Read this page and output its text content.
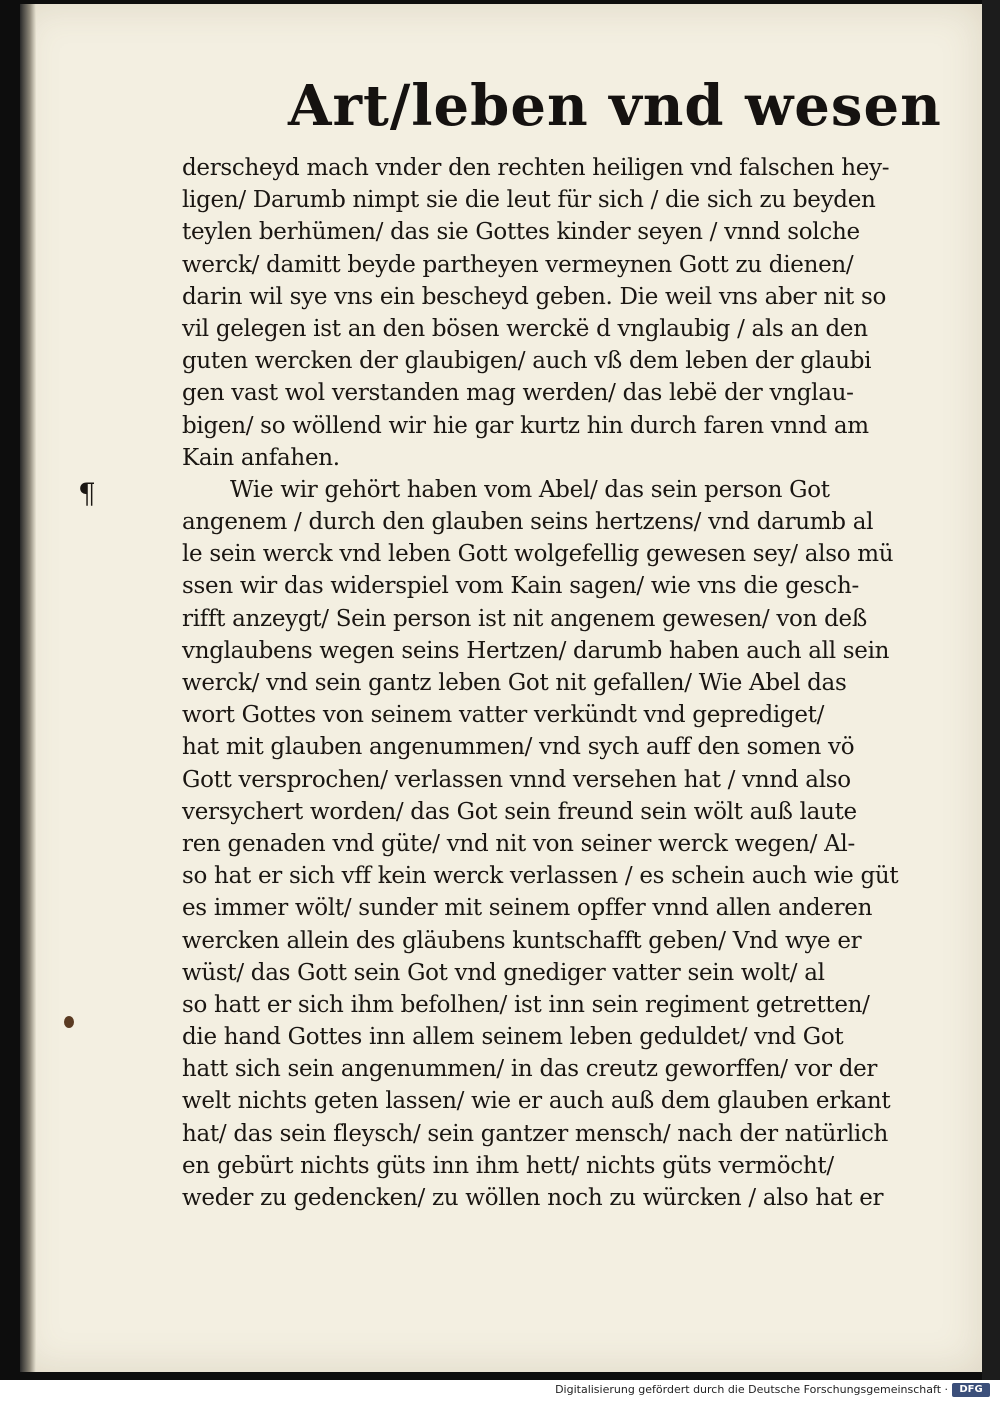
Art/leben vnd wesen
¶
derscheyd mach vnder den rechten heiligen vnd falschen hey-
ligen/ Darumb nimpt sie die leut für sich / die sich zu beyden
teylen berhümen/ das sie Gottes kinder seyen / vnnd solche
werck/ damitt beyde partheyen vermeynen Gott zu dienen/
darin wil sye vns ein bescheyd geben. Die weil vns aber nit so
vil gelegen ist an den bösen werckë d vnglaubig / als an den
guten wercken der glaubigen/ auch vß dem leben der glaubi
gen vast wol verstanden mag werden/ das lebë der vnglau-
bigen/ so wöllend wir hie gar kurtz hin durch faren vnnd am
Kain anfahen.
Wie wir gehört haben vom Abel/ das sein person Got
angenem / durch den glauben seins hertzens/ vnd darumb al
le sein werck vnd leben Gott wolgefellig gewesen sey/ also mü
ssen wir das widerspiel vom Kain sagen/ wie vns die gesch-
rifft anzeygt/ Sein person ist nit angenem gewesen/ von deß
vnglaubens wegen seins Hertzen/ darumb haben auch all sein
werck/ vnd sein gantz leben Got nit gefallen/ Wie Abel das
wort Gottes von seinem vatter verkündt vnd geprediget/
hat mit glauben angenummen/ vnd sych auff den somen vö
Gott versprochen/ verlassen vnnd versehen hat / vnnd also
versychert worden/ das Got sein freund sein wölt auß laute
ren genaden vnd güte/ vnd nit von seiner werck wegen/ Al-
so hat er sich vff kein werck verlassen / es schein auch wie güt
es immer wölt/ sunder mit seinem opffer vnnd allen anderen
wercken allein des gläubens kuntschafft geben/ Vnd wye er
wüst/ das Gott sein Got vnd gnediger vatter sein wolt/ al
so hatt er sich ihm befolhen/ ist inn sein regiment getretten/
die hand Gottes inn allem seinem leben geduldet/ vnd Got
hatt sich sein angenummen/ in das creutz geworffen/ vor der
welt nichts geten lassen/ wie er auch auß dem glauben erkant
hat/ das sein fleysch/ sein gantzer mensch/ nach der natürlich
en gebürt nichts güts inn ihm hett/ nichts güts vermöcht/
weder zu gedencken/ zu wöllen noch zu würcken / also hat er
Digitalisierung gefördert durch die Deutsche Forschungsgemeinschaft ·	DFG
